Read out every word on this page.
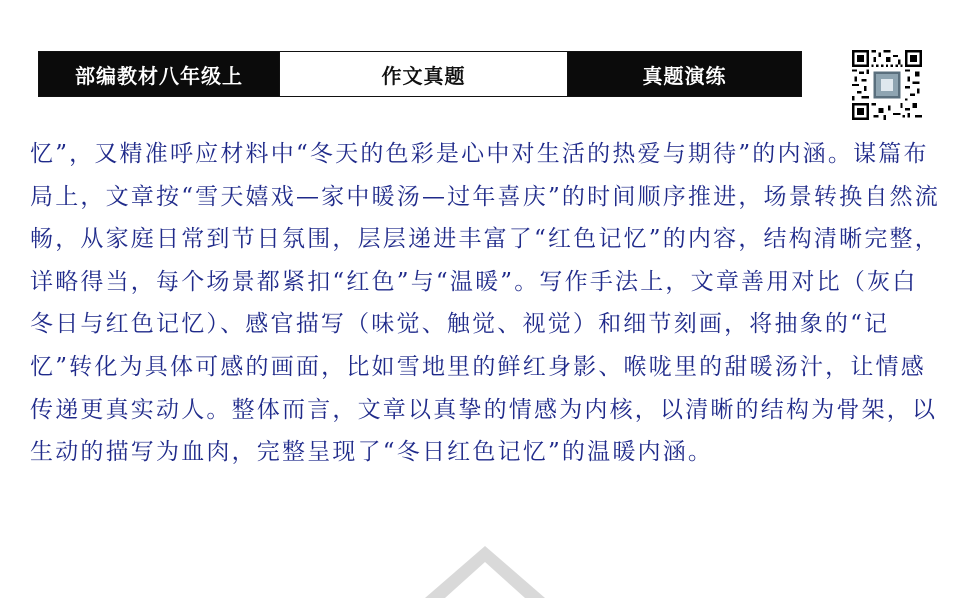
部编教材八年级上	作文真题	真题演练

忆”，又精准呼应材料中“冬天的色彩是心中对生活的热爱与期待”的内涵。谋篇布局上，文章按“雪天嬉戏—家中暖汤—过年喜庆”的时间顺序推进，场景转换自然流畅，从家庭日常到节日氛围，层层递进丰富了“红色记忆”的内容，结构清晰完整，详略得当，每个场景都紧扣“红色”与“温暖”。写作手法上，文章善用对比（灰白冬日与红色记忆）、感官描写（味觉、触觉、视觉）和细节刻画，将抽象的“记忆”转化为具体可感的画面，比如雪地里的鲜红身影、喉咙里的甜暖汤汁，让情感传递更真实动人。整体而言，文章以真挚的情感为内核，以清晰的结构为骨架，以生动的描写为血肉，完整呈现了“冬日红色记忆”的温暖内涵。
